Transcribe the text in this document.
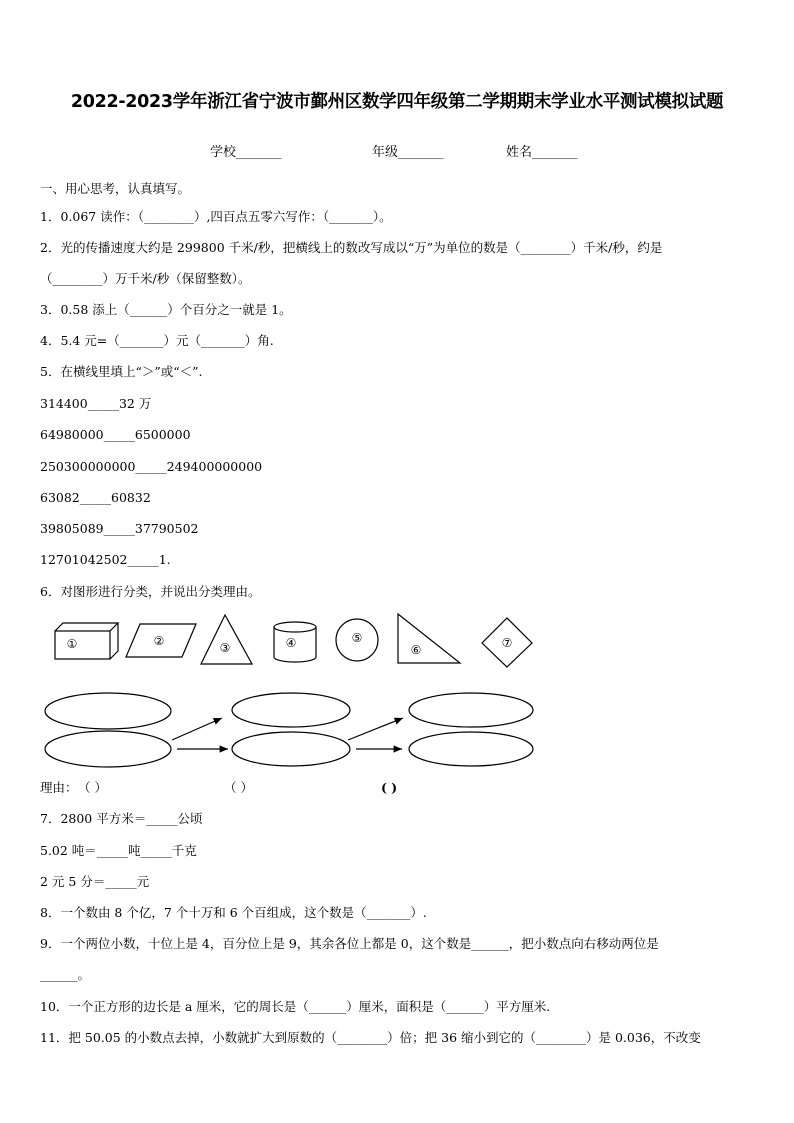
2022-2023学年浙江省宁波市鄞州区数学四年级第二学期期末学业水平测试模拟试题
学校_______	年级_______	姓名_______
一、用心思考，认真填写。
1．0.067 读作：（________）,四百点五零六写作：（_______）。
2．光的传播速度大约是 299800 千米/秒，把横线上的数改写成以“万”为单位的数是（________）千米/秒，约是
（________）万千米/秒（保留整数）。
3．0.58 添上（______）个百分之一就是 1。
4．5.4 元=（_______）元（_______）角.
5．在横线里填上“＞”或“＜”.
314400_____32 万
64980000_____6500000
250300000000_____249400000000
63082_____60832
39805089_____37790502
12701042502_____1.
6．对图形进行分类，并说出分类理由。
①	②	③	④	⑤
⑥	⑦
理由： （ ）	（ ）	( )
7．2800 平方米＝_____公顷
5.02 吨＝_____吨_____千克
2 元 5 分＝_____元
8．一个数由 8 个亿，7 个十万和 6 个百组成，这个数是（_______）.
9．一个两位小数，十位上是 4，百分位上是 9，其余各位上都是 0，这个数是______，把小数点向右移动两位是
______。
10．一个正方形的边长是 a 厘米，它的周长是（______）厘米，面积是（______）平方厘米.
11．把 50.05 的小数点去掉，小数就扩大到原数的（________）倍；把 36 缩小到它的（________）是 0.036，不改变
